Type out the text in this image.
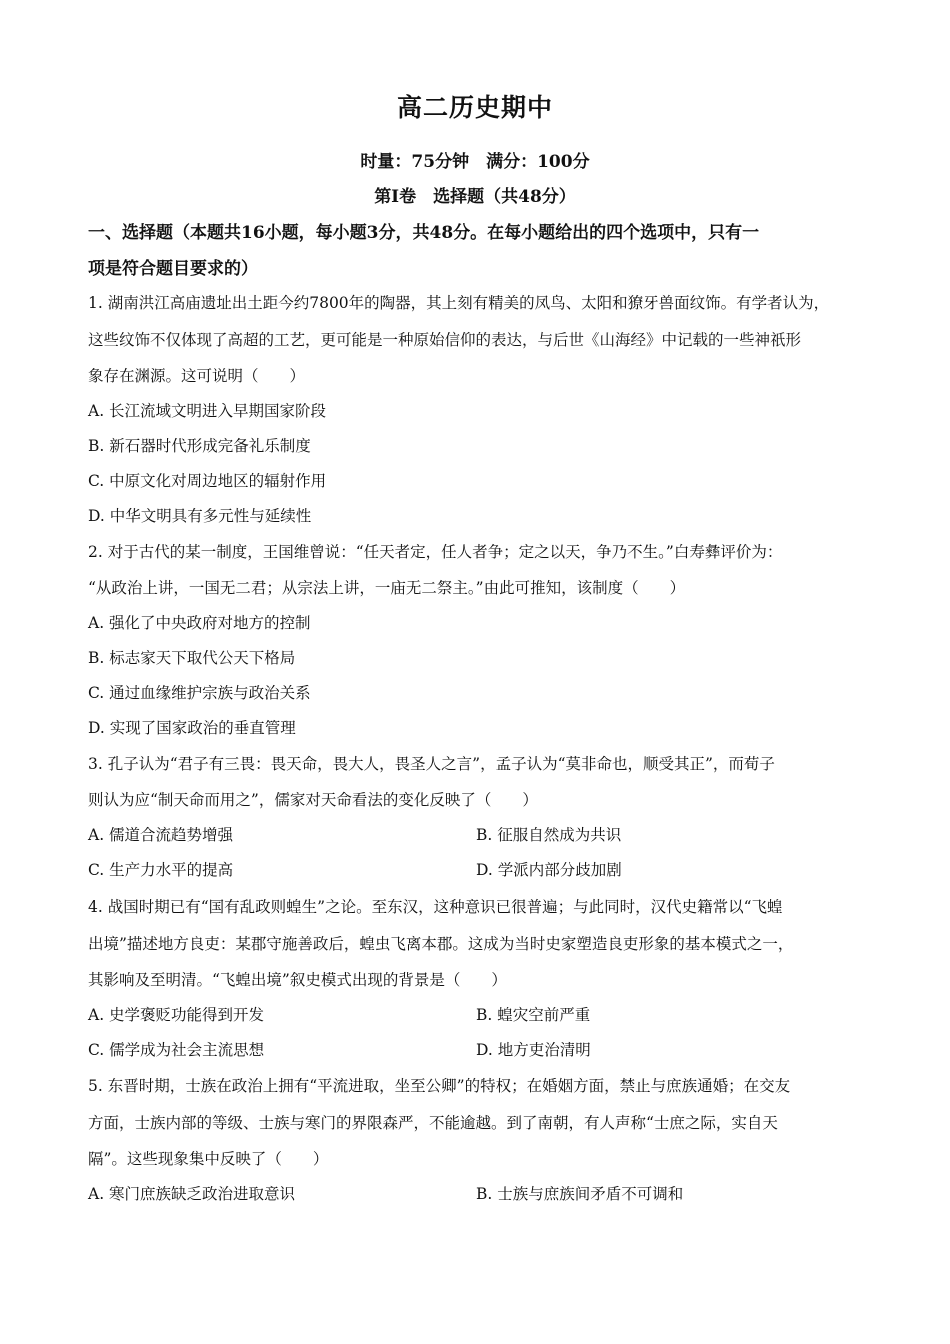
高二历史期中
时量：75分钟　满分：100分
第Ⅰ卷　选择题（共48分）
一、选择题（本题共16小题，每小题3分，共48分。在每小题给出的四个选项中，只有一
项是符合题目要求的）
1. 湖南洪江高庙遗址出土距今约7800年的陶器，其上刻有精美的凤鸟、太阳和獠牙兽面纹饰。有学者认为，
这些纹饰不仅体现了高超的工艺，更可能是一种原始信仰的表达，与后世《山海经》中记载的一些神祇形
象存在渊源。这可说明（　　）
A. 长江流域文明进入早期国家阶段
B. 新石器时代形成完备礼乐制度
C. 中原文化对周边地区的辐射作用
D. 中华文明具有多元性与延续性
2. 对于古代的某一制度，王国维曾说：“任天者定，任人者争；定之以天，争乃不生。”白寿彝评价为：
“从政治上讲，一国无二君；从宗法上讲，一庙无二祭主。”由此可推知，该制度（　　）
A. 强化了中央政府对地方的控制
B. 标志家天下取代公天下格局
C. 通过血缘维护宗族与政治关系
D. 实现了国家政治的垂直管理
3. 孔子认为“君子有三畏：畏天命，畏大人，畏圣人之言”，孟子认为“莫非命也，顺受其正”，而荀子
则认为应“制天命而用之”，儒家对天命看法的变化反映了（　　）
A. 儒道合流趋势增强	B. 征服自然成为共识
C. 生产力水平的提高	D. 学派内部分歧加剧
4. 战国时期已有“国有乱政则蝗生”之论。至东汉，这种意识已很普遍；与此同时，汉代史籍常以“飞蝗
出境”描述地方良吏：某郡守施善政后，蝗虫飞离本郡。这成为当时史家塑造良吏形象的基本模式之一，
其影响及至明清。“飞蝗出境”叙史模式出现的背景是（　　）
A. 史学褒贬功能得到开发	B. 蝗灾空前严重
C. 儒学成为社会主流思想	D. 地方吏治清明
5. 东晋时期，士族在政治上拥有“平流进取，坐至公卿”的特权；在婚姻方面，禁止与庶族通婚；在交友
方面，士族内部的等级、士族与寒门的界限森严，不能逾越。到了南朝，有人声称“士庶之际，实自天
隔”。这些现象集中反映了（　　）
A. 寒门庶族缺乏政治进取意识	B. 士族与庶族间矛盾不可调和
